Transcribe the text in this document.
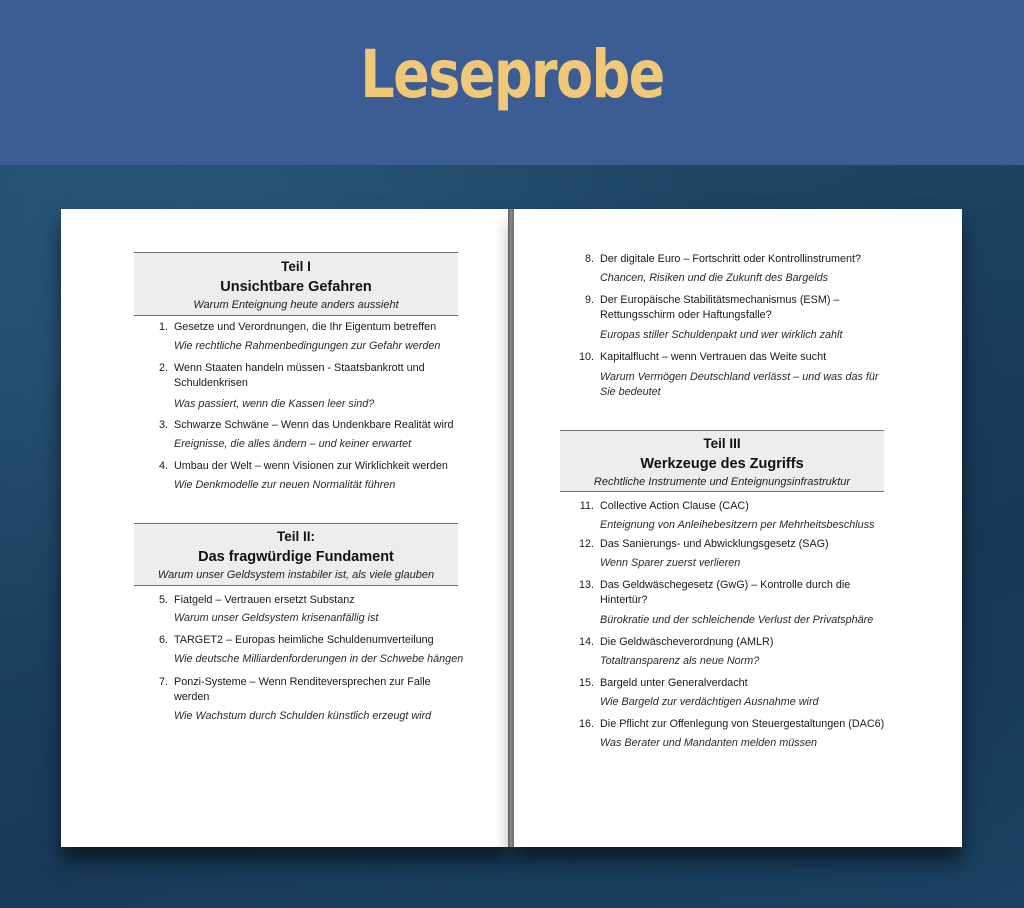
Leseprobe
Teil I
Unsichtbare Gefahren
Warum Enteignung heute anders aussieht
1. Gesetze und Verordnungen, die Ihr Eigentum betreffen
Wie rechtliche Rahmenbedingungen zur Gefahr werden
2. Wenn Staaten handeln müssen - Staatsbankrott und Schuldenkrisen
Was passiert, wenn die Kassen leer sind?
3. Schwarze Schwäne – Wenn das Undenkbare Realität wird
Ereignisse, die alles ändern – und keiner erwartet
4. Umbau der Welt – wenn Visionen zur Wirklichkeit werden
Wie Denkmodelle zur neuen Normalität führen
Teil II:
Das fragwürdige Fundament
Warum unser Geldsystem instabiler ist, als viele glauben
5. Fiatgeld – Vertrauen ersetzt Substanz
Warum unser Geldsystem krisenanfällig ist
6. TARGET2 – Europas heimliche Schuldenumverteilung
Wie deutsche Milliardenforderungen in der Schwebe hängen
7. Ponzi-Systeme – Wenn Renditeversprechen zur Falle werden
Wie Wachstum durch Schulden künstlich erzeugt wird
8. Der digitale Euro – Fortschritt oder Kontrollinstrument?
Chancen, Risiken und die Zukunft des Bargelds
9. Der Europäische Stabilitätsmechanismus (ESM) – Rettungsschirm oder Haftungsfalle?
Europas stiller Schuldenpakt und wer wirklich zahlt
10. Kapitalflucht – wenn Vertrauen das Weite sucht
Warum Vermögen Deutschland verlässt – und was das für Sie bedeutet
Teil III
Werkzeuge des Zugriffs
Rechtliche Instrumente und Enteignungsinfrastruktur
11. Collective Action Clause (CAC)
Enteignung von Anleihebesitzern per Mehrheitsbeschluss
12. Das Sanierungs- und Abwicklungsgesetz (SAG)
Wenn Sparer zuerst verlieren
13. Das Geldwäschegesetz (GwG) – Kontrolle durch die Hintertür?
Bürokratie und der schleichende Verlust der Privatsphäre
14. Die Geldwäscheverordnung (AMLR)
Totaltransparenz als neue Norm?
15. Bargeld unter Generalverdacht
Wie Bargeld zur verdächtigen Ausnahme wird
16. Die Pflicht zur Offenlegung von Steuergestaltungen (DAC6)
Was Berater und Mandanten melden müssen
